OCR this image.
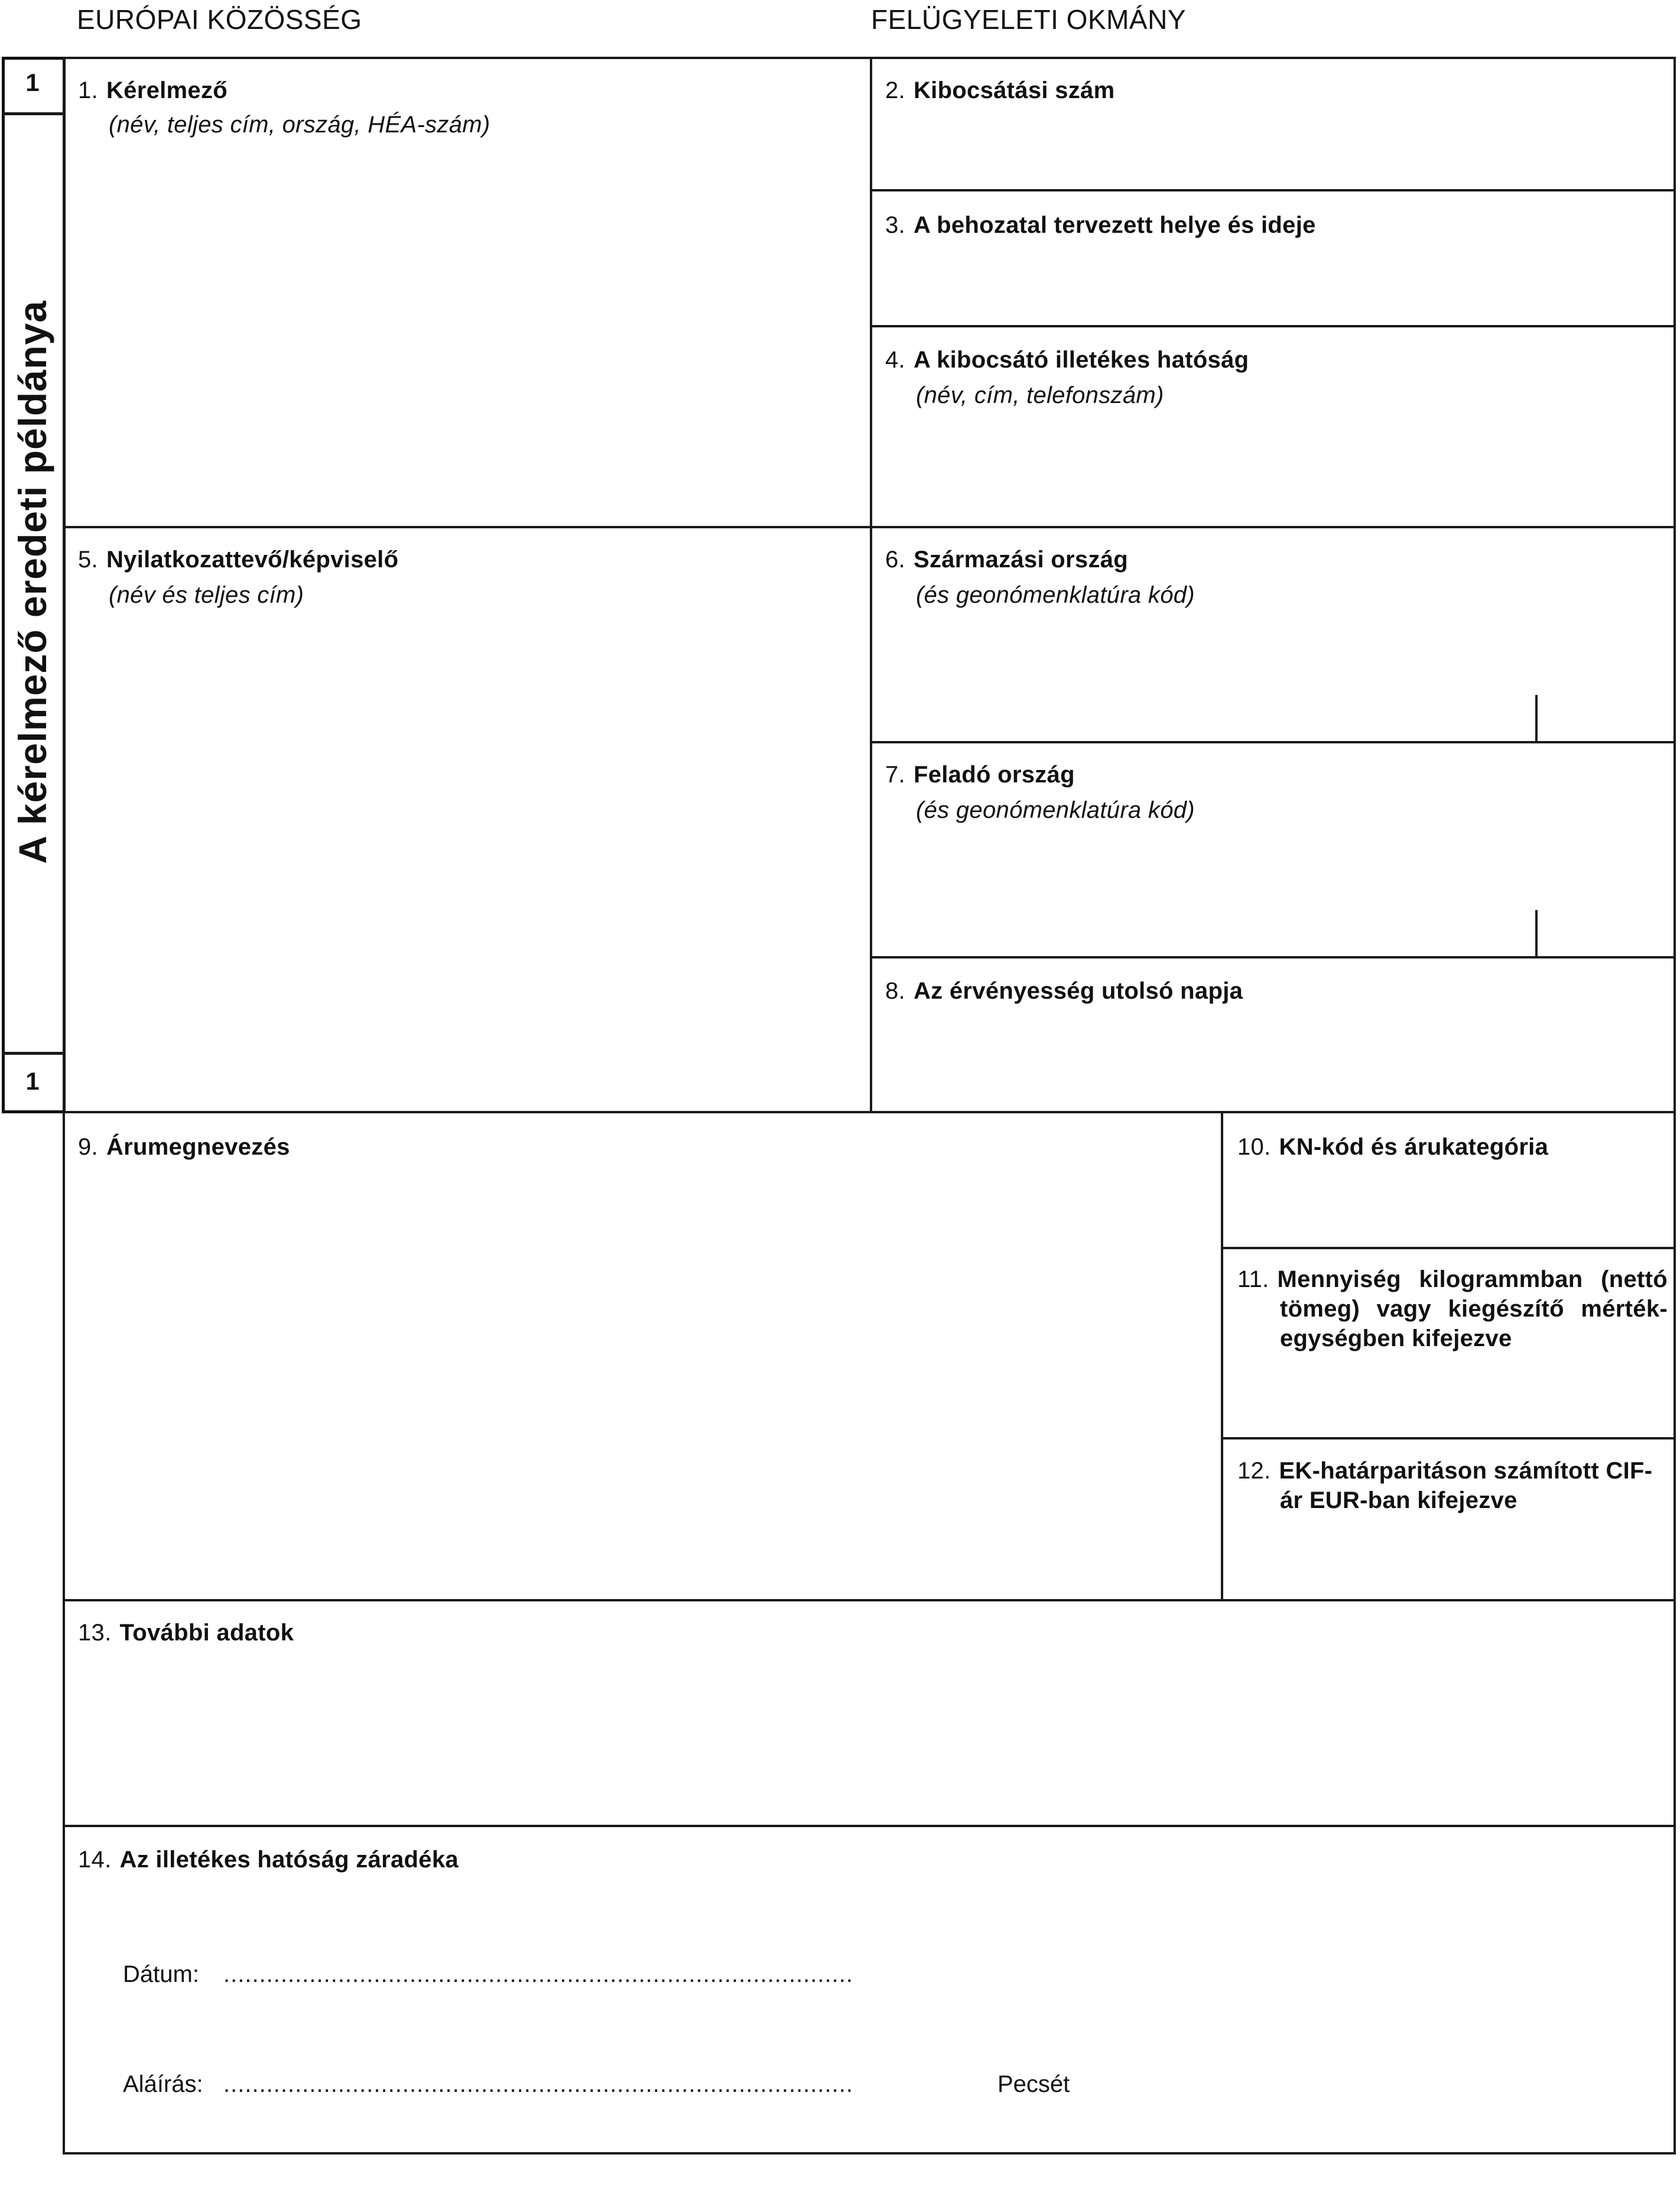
EURÓPAI KÖZÖSSÉG	FELÜGYELETI OKMÁNY
1
1
A kérelmező eredeti példánya
1. Kérelmező
(név, teljes cím, ország, HÉA-szám)
2. Kibocsátási szám
3. A behozatal tervezett helye és ideje
4. A kibocsátó illetékes hatóság
(név, cím, telefonszám)
5. Nyilatkozattevő/képviselő
(név és teljes cím)
6. Származási ország
(és geonómenklatúra kód)
7. Feladó ország
(és geonómenklatúra kód)
8. Az érvényesség utolsó napja
9. Árumegnevezés	10. KN-kód és árukategória
11. Mennyiség kilogrammban (nettó tömeg) vagy kiegészítő mérték-egységben kifejezve
12. EK-határparitáson számított CIF-ár EUR-ban kifejezve
13. További adatok
14. Az illetékes hatóság záradéka
Dátum: ........................................................................................
Aláírás: ........................................................................................	Pecsét
